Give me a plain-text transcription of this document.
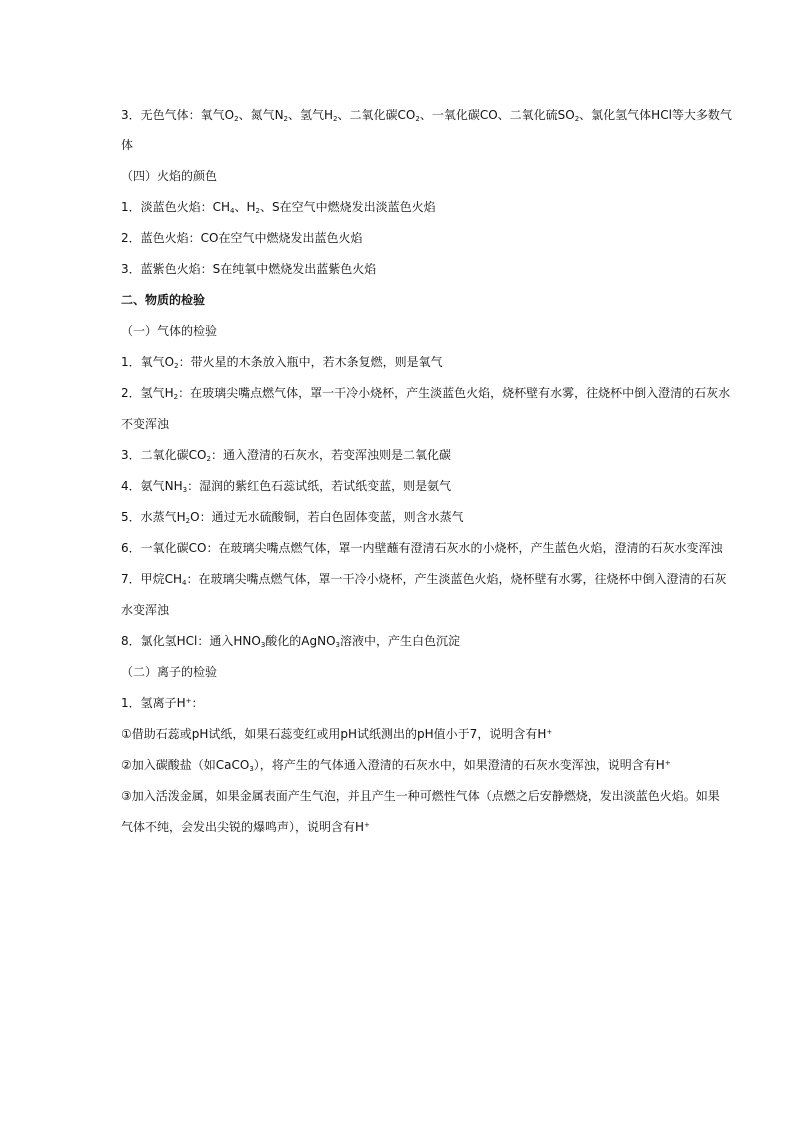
3．无色气体：氧气$O_2$、氮气$N_2$、氢气$H_2$、二氧化碳$CO_2$、一氧化碳CO、二氧化硫$SO_2$、氯化氢气体HCl等大多数气
体
（四）火焰的颜色
1．淡蓝色火焰：$CH_4$、$H_2$、S在空气中燃烧发出淡蓝色火焰
2．蓝色火焰：CO在空气中燃烧发出蓝色火焰
3．蓝紫色火焰：S在纯氧中燃烧发出蓝紫色火焰
二、物质的检验
（一）气体的检验
1．氧气$O_2$：带火星的木条放入瓶中，若木条复燃，则是氧气
2．氢气$H_2$：在玻璃尖嘴点燃气体，罩一干冷小烧杯，产生淡蓝色火焰，烧杯壁有水雾，往烧杯中倒入澄清的石灰水
不变浑浊
3．二氧化碳$CO_2$：通入澄清的石灰水，若变浑浊则是二氧化碳
4．氨气$NH_3$：湿润的紫红色石蕊试纸，若试纸变蓝，则是氨气
5．水蒸气$H_2O$：通过无水硫酸铜，若白色固体变蓝，则含水蒸气
6．一氧化碳CO：在玻璃尖嘴点燃气体，罩一内壁蘸有澄清石灰水的小烧杯，产生蓝色火焰，澄清的石灰水变浑浊
7．甲烷$CH_4$：在玻璃尖嘴点燃气体，罩一干冷小烧杯，产生淡蓝色火焰，烧杯壁有水雾，往烧杯中倒入澄清的石灰
水变浑浊
8．氯化氢HCl：通入$HNO_3$酸化的AgNO$_3$溶液中，产生白色沉淀
（二）离子的检验
1．氢离子H+：
①借助石蕊或pH试纸，如果石蕊变红或用pH试纸测出的pH值小于7，说明含有H+
②加入碳酸盐（如CaCO$_3$），将产生的气体通入澄清的石灰水中，如果澄清的石灰水变浑浊，说明含有H+
③加入活泼金属，如果金属表面产生气泡，并且产生一种可燃性气体（点燃之后安静燃烧，发出淡蓝色火焰。如果
气体不纯，会发出尖锐的爆鸣声），说明含有H+
